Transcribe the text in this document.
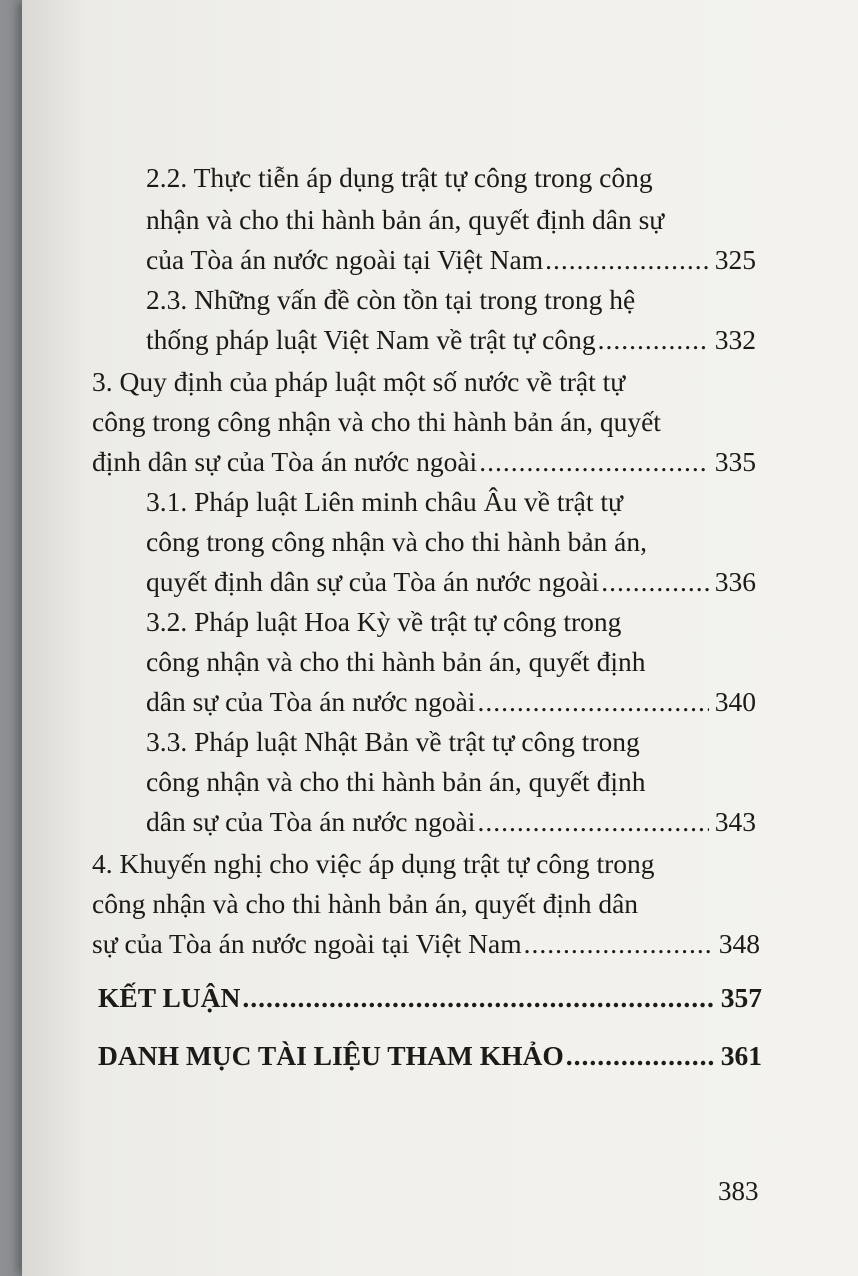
2.2. Thực tiễn áp dụng trật tự công trong công
nhận và cho thi hành bản án, quyết định dân sự
của Tòa án nước ngoài tại Việt Nam .....	325
2.3. Những vấn đề còn tồn tại trong trong hệ
thống pháp luật Việt Nam về trật tự công .....	332
3. Quy định của pháp luật một số nước về trật tự
công trong công nhận và cho thi hành bản án, quyết
định dân sự của Tòa án nước ngoài .....	335
3.1. Pháp luật Liên minh châu Âu về trật tự
công trong công nhận và cho thi hành bản án,
quyết định dân sự của Tòa án nước ngoài .....	336
3.2. Pháp luật Hoa Kỳ về trật tự công trong
công nhận và cho thi hành bản án, quyết định
dân sự của Tòa án nước ngoài .....	340
3.3. Pháp luật Nhật Bản về trật tự công trong
công nhận và cho thi hành bản án, quyết định
dân sự của Tòa án nước ngoài .....	343
4. Khuyến nghị cho việc áp dụng trật tự công trong
công nhận và cho thi hành bản án, quyết định dân
sự của Tòa án nước ngoài tại Việt Nam .....	348
KẾT LUẬN .....	357
DANH MỤC TÀI LIỆU THAM KHẢO .....	361
383
